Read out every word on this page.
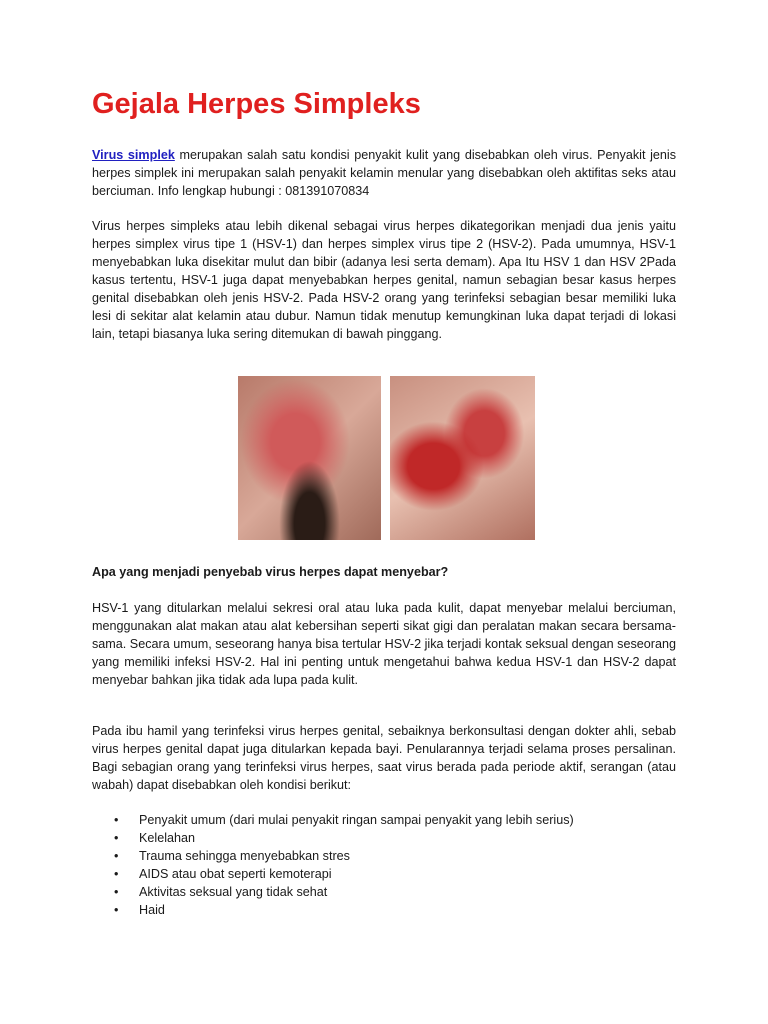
Gejala Herpes Simpleks

Virus simplek merupakan salah satu kondisi penyakit kulit yang disebabkan oleh virus. Penyakit jenis herpes simplek ini merupakan salah penyakit kelamin menular yang disebabkan oleh aktifitas seks atau berciuman. Info lengkap hubungi : 081391070834

Virus herpes simpleks atau lebih dikenal sebagai virus herpes dikategorikan menjadi dua jenis yaitu herpes simplex virus tipe 1 (HSV-1) dan herpes simplex virus tipe 2 (HSV-2). Pada umumnya, HSV-1 menyebabkan luka disekitar mulut dan bibir (adanya lesi serta demam). Apa Itu HSV 1 dan HSV 2Pada kasus tertentu, HSV-1 juga dapat menyebabkan herpes genital, namun sebagian besar kasus herpes genital disebabkan oleh jenis HSV-2. Pada HSV-2 orang yang terinfeksi sebagian besar memiliki luka lesi di sekitar alat kelamin atau dubur. Namun tidak menutup kemungkinan luka dapat terjadi di lokasi lain, tetapi biasanya luka sering ditemukan di bawah pinggang.

Apa yang menjadi penyebab virus herpes dapat menyebar?

HSV-1 yang ditularkan melalui sekresi oral atau luka pada kulit, dapat menyebar melalui berciuman, menggunakan alat makan atau alat kebersihan seperti sikat gigi dan peralatan makan secara bersama-sama. Secara umum, seseorang hanya bisa tertular HSV-2 jika terjadi kontak seksual dengan seseorang yang memiliki infeksi HSV-2. Hal ini penting untuk mengetahui bahwa kedua HSV-1 dan HSV-2 dapat menyebar bahkan jika tidak ada lupa pada kulit.

Pada ibu hamil yang terinfeksi virus herpes genital, sebaiknya berkonsultasi dengan dokter ahli, sebab virus herpes genital dapat juga ditularkan kepada bayi. Penularannya terjadi selama proses persalinan. Bagi sebagian orang yang terinfeksi virus herpes, saat virus berada pada periode aktif, serangan (atau wabah) dapat disebabkan oleh kondisi berikut:

• Penyakit umum (dari mulai penyakit ringan sampai penyakit yang lebih serius)
• Kelelahan
• Trauma sehingga menyebabkan stres
• AIDS atau obat seperti kemoterapi
• Aktivitas seksual yang tidak sehat
• Haid
